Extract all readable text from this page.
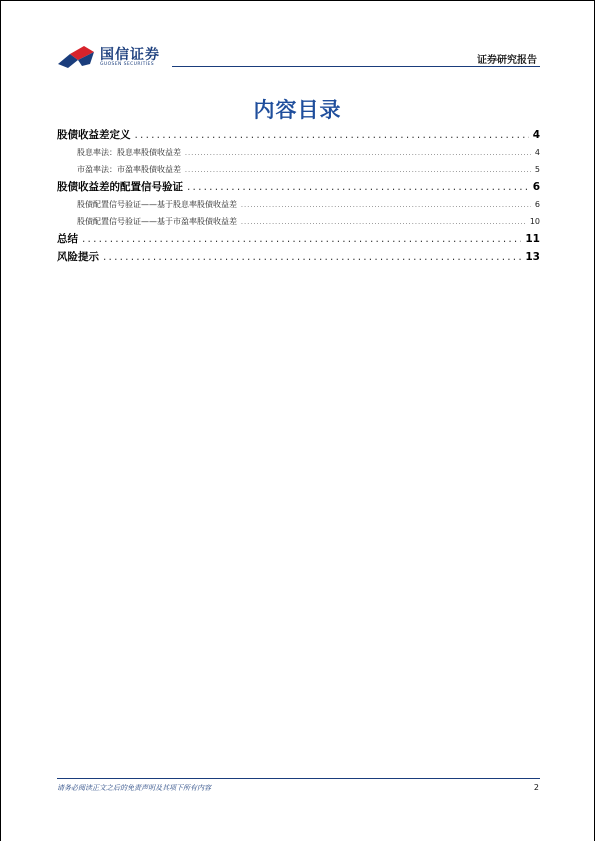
国信证券
GUOSEN SECURITIES	证券研究报告
内容目录
股债收益差定义 .....	4
股息率法：股息率股债收益差 .....	4
市盈率法：市盈率股债收益差 .....	5
股债收益差的配置信号验证 .....	6
股债配置信号验证——基于股息率股债收益差 .....	6
股债配置信号验证——基于市盈率股债收益差 .....	10
总结 .....	11
风险提示 .....	13
请务必阅读正文之后的免责声明及其项下所有内容	2
